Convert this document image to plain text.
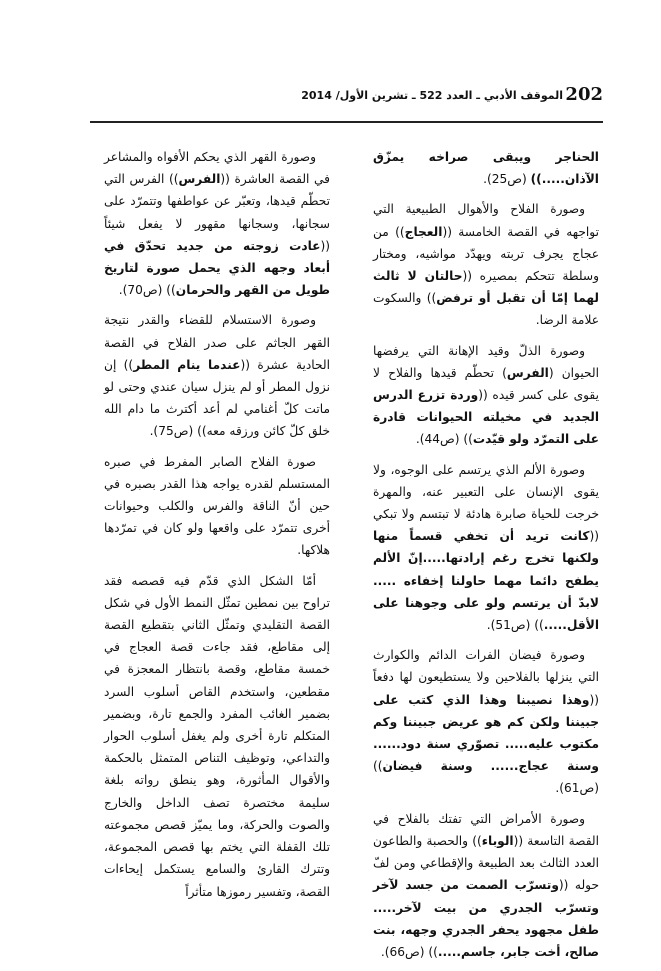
202
الموقف الأدبي ـ العدد 522 ـ تشرين الأول/ 2014

الحناجر ويبقى صراخه يمزّق الآذان.....)) (ص25).

وصورة الفلاح والأهوال الطبيعية التي تواجهه في القصة الخامسة ((العجاج)) من عجاج يجرف تربته ويهدّد مواشيه، ومختار وسلطة تتحكم بمصيره ((حالتان لا ثالث لهما إمّا أن تقبل أو ترفض)) والسكوت علامة الرضا.

وصورة الذلّ وقيد الإهانة التي يرفضها الحيوان (الفرس) تحطّم قيدها والفلاح لا يقوى على كسر قيده ((وردة تزرع الدرس الجديد في مخيلته الحيوانات قادرة على التمرّد ولو قيّدت)) (ص44).

وصورة الألم الذي يرتسم على الوجوه، ولا يقوى الإنسان على التعبير عنه، والمهرة خرجت للحياة صابرة هادئة لا تبتسم ولا تبكي ((كانت تريد أن تخفي قسماً منها ولكنها تخرج رغم إرادتها.....إنّ الألم يطفح دائما مهما حاولنا إخفاءه ..... لابدّ أن يرتسم ولو على وجوهنا على الأقل.....)) (ص51).

وصورة فيضان الفرات الدائم والكوارث التي ينزلها بالفلاحين ولا يستطيعون لها دفعاً ((وهذا نصيبنا وهذا الذي كتب على جبيننا ولكن كم هو عريض جبيننا وكم مكتوب عليه..... تصوّري سنة دود...... وسنة عجاج...... وسنة فيضان)) (ص61).

وصورة الأمراض التي تفتك بالفلاح في القصة التاسعة ((الوباء)) والحصبة والطاعون العدد الثالث بعد الطبيعة والإقطاعي ومن لفّ حوله ((وتسرّب الصمت من جسد لآخر وتسرّب الجدري من بيت لآخر..... طفل مجهود يحفر الجدري وجهه، بنت صالح، أخت جابر، جاسم.....)) (ص66).

وصورة القهر الذي يحكم الأفواه والمشاعر في القصة العاشرة ((الفرس)) الفرس التي تحطّم قيدها، وتعبّر عن عواطفها وتتمرّد على سجانها، وسجانها مقهور لا يفعل شيئاً ((عادت زوجته من جديد تحدّق في أبعاد وجهه الذي يحمل صورة لتاريخ طويل من القهر والحرمان)) (ص70).

وصورة الاستسلام للقضاء والقدر نتيجة القهر الجاثم على صدر الفلاح في القصة الحادية عشرة ((عندما ينام المطر)) إن نزول المطر أو لم ينزل سيان عندي وحتى لو ماتت كلّ أغنامي لم أعد أكترث ما دام الله خلق كلّ كائن ورزقه معه)) (ص75).

صورة الفلاح الصابر المفرط في صبره المستسلم لقدره يواجه هذا القدر بصبره في حين أنّ الناقة والفرس والكلب وحيوانات أخرى تتمرّد على واقعها ولو كان في تمرّدها هلاكها.

أمّا الشكل الذي قدّم فيه قصصه فقد تراوح بين نمطين تمثّل النمط الأول في شكل القصة التقليدي وتمثّل الثاني بتقطيع القصة إلى مقاطع، فقد جاءت قصة العجاج في خمسة مقاطع، وقصة بانتظار المعجزة في مقطعين، واستخدم القاص أسلوب السرد بضمير الغائب المفرد والجمع تارة، وبضمير المتكلم تارة أخرى ولم يغفل أسلوب الحوار والتداعي، وتوظيف التناص المتمثل بالحكمة والأقوال المأثورة، وهو ينطق رواته بلغة سليمة مختصرة تصف الداخل والخارج والصوت والحركة، وما يميّز قصص مجموعته تلك القفلة التي يختم بها قصص المجموعة، وتترك القارئ والسامع يستكمل إيحاءات القصة، وتفسير رموزها متأثراً
